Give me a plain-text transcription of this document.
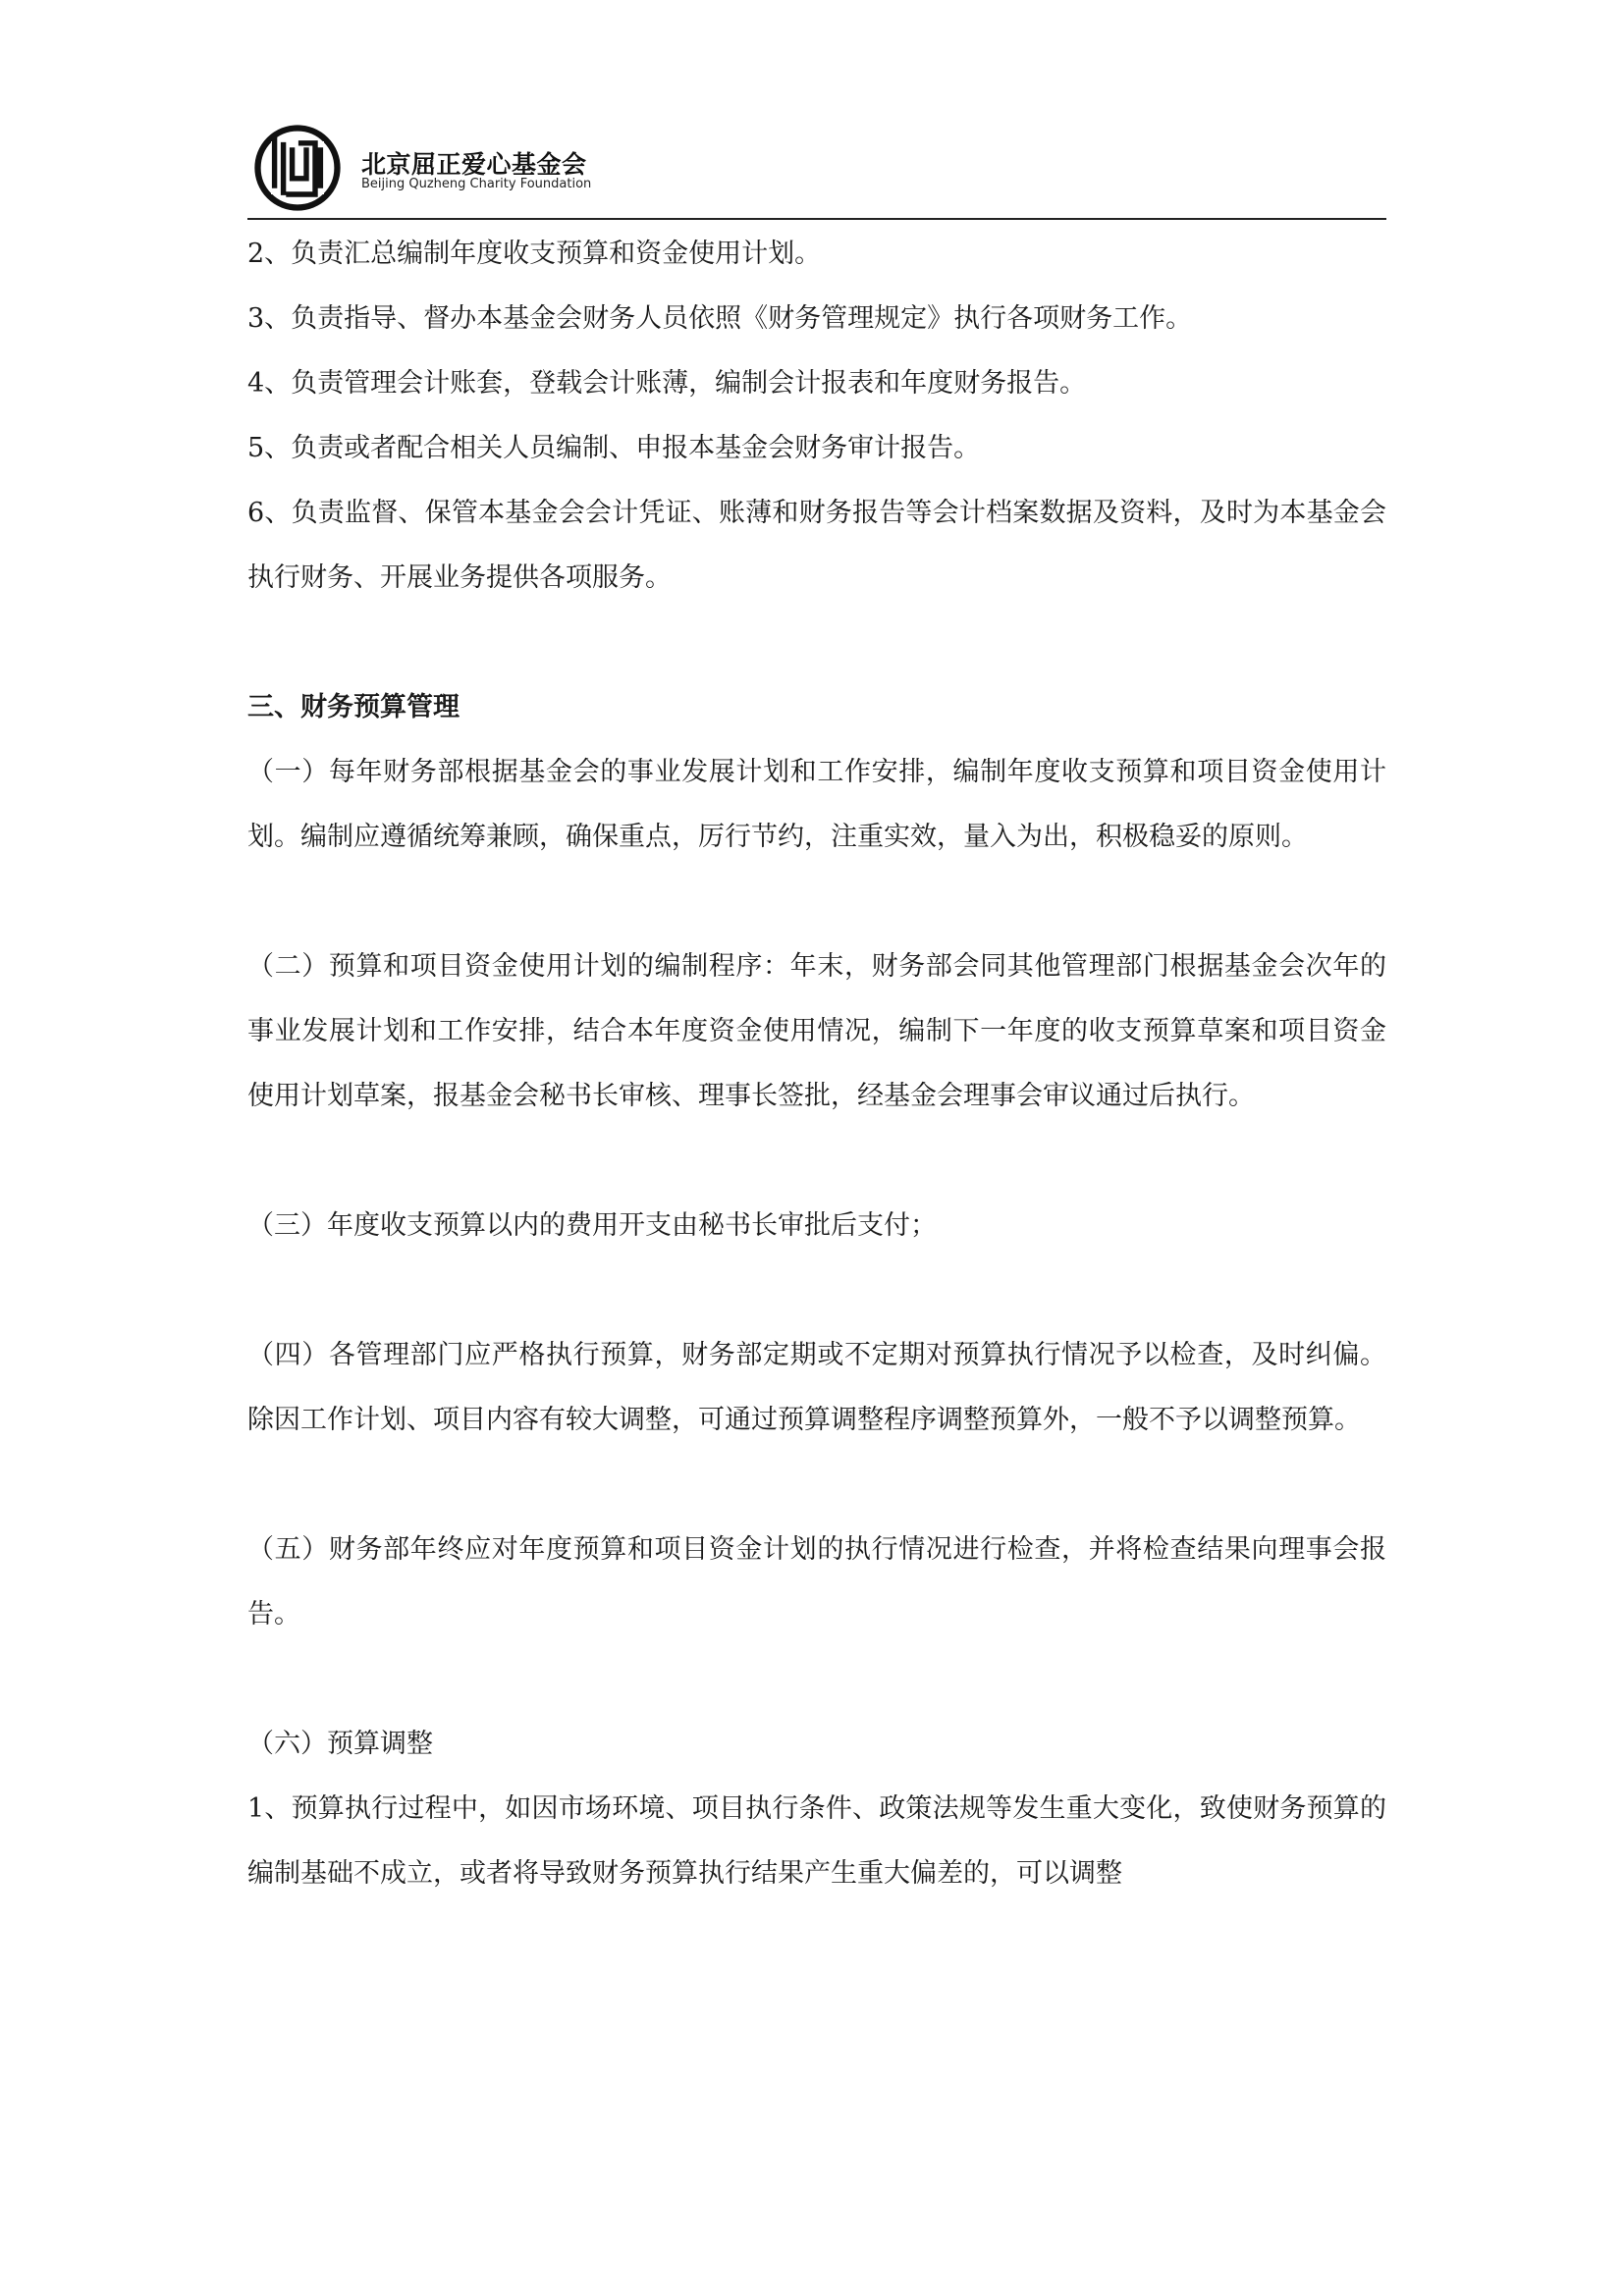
北京屈正爱心基金会
Beijing Quzheng Charity Foundation

2、负责汇总编制年度收支预算和资金使用计划。

3、负责指导、督办本基金会财务人员依照《财务管理规定》执行各项财务工作。

4、负责管理会计账套，登载会计账薄，编制会计报表和年度财务报告。

5、负责或者配合相关人员编制、申报本基金会财务审计报告。

6、负责监督、保管本基金会会计凭证、账薄和财务报告等会计档案数据及资料，及时为本基金会执行财务、开展业务提供各项服务。

三、财务预算管理

（一）每年财务部根据基金会的事业发展计划和工作安排，编制年度收支预算和项目资金使用计划。编制应遵循统筹兼顾，确保重点，厉行节约，注重实效，量入为出，积极稳妥的原则。

（二）预算和项目资金使用计划的编制程序：年末，财务部会同其他管理部门根据基金会次年的事业发展计划和工作安排，结合本年度资金使用情况，编制下一年度的收支预算草案和项目资金使用计划草案，报基金会秘书长审核、理事长签批，经基金会理事会审议通过后执行。

（三）年度收支预算以内的费用开支由秘书长审批后支付；

（四）各管理部门应严格执行预算，财务部定期或不定期对预算执行情况予以检查，及时纠偏。除因工作计划、项目内容有较大调整，可通过预算调整程序调整预算外，一般不予以调整预算。

（五）财务部年终应对年度预算和项目资金计划的执行情况进行检查，并将检查结果向理事会报告。

（六）预算调整

1、预算执行过程中，如因市场环境、项目执行条件、政策法规等发生重大变化，致使财务预算的编制基础不成立，或者将导致财务预算执行结果产生重大偏差的，可以调整
